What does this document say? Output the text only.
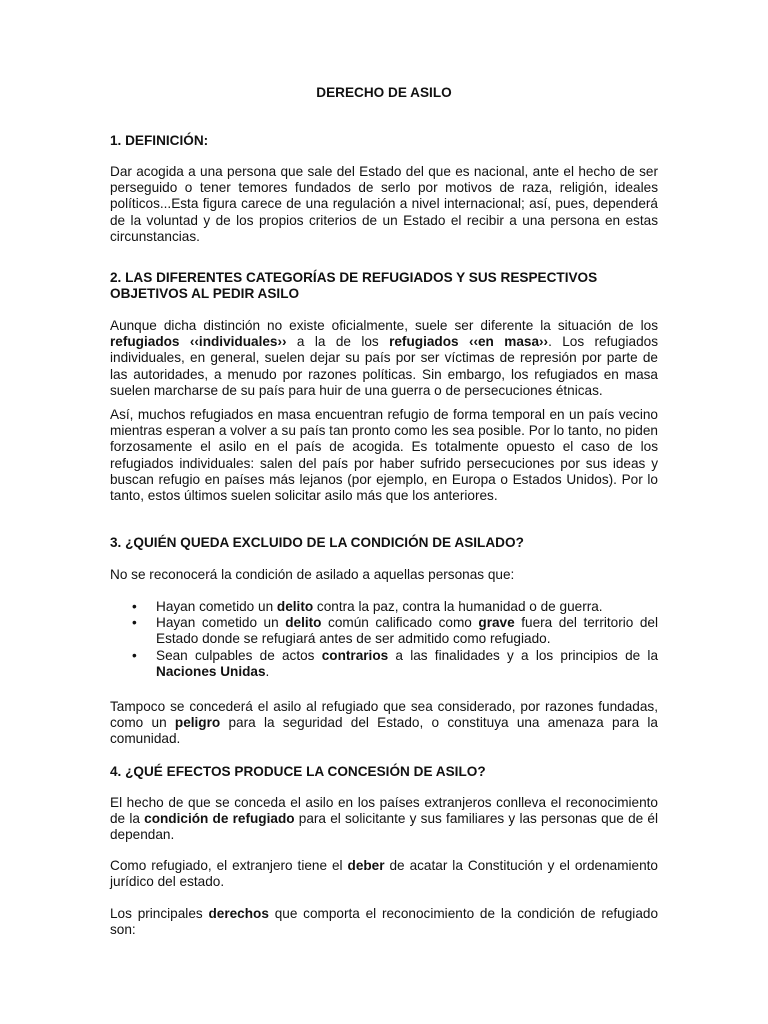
DERECHO DE ASILO
1. DEFINICIÓN:
Dar acogida a una persona que sale del Estado del que es nacional, ante el hecho de ser perseguido o tener temores fundados de serlo por motivos de raza, religión, ideales políticos...Esta figura carece de una regulación a nivel internacional; así, pues, dependerá de la voluntad y de los propios criterios de un Estado el recibir a una persona en estas circunstancias.
2. LAS DIFERENTES CATEGORÍAS DE REFUGIADOS Y SUS RESPECTIVOS OBJETIVOS AL PEDIR ASILO
Aunque dicha distinción no existe oficialmente, suele ser diferente la situación de los refugiados ‹‹individuales›› a la de los refugiados ‹‹en masa››. Los refugiados individuales, en general, suelen dejar su país por ser víctimas de represión por parte de las autoridades, a menudo por razones políticas. Sin embargo, los refugiados en masa suelen marcharse de su país para huir de una guerra o de persecuciones étnicas.
Así, muchos refugiados en masa encuentran refugio de forma temporal en un país vecino mientras esperan a volver a su país tan pronto como les sea posible. Por lo tanto, no piden forzosamente el asilo en el país de acogida. Es totalmente opuesto el caso de los refugiados individuales: salen del país por haber sufrido persecuciones por sus ideas y buscan refugio en países más lejanos (por ejemplo, en Europa o Estados Unidos). Por lo tanto, estos últimos suelen solicitar asilo más que los anteriores.
3. ¿QUIÉN QUEDA EXCLUIDO DE LA CONDICIÓN DE ASILADO?
No se reconocerá la condición de asilado a aquellas personas que:
• Hayan cometido un delito contra la paz, contra la humanidad o de guerra.
• Hayan cometido un delito común calificado como grave fuera del territorio del Estado donde se refugiará antes de ser admitido como refugiado.
• Sean culpables de actos contrarios a las finalidades y a los principios de la Naciones Unidas.
Tampoco se concederá el asilo al refugiado que sea considerado, por razones fundadas, como un peligro para la seguridad del Estado, o constituya una amenaza para la comunidad.
4. ¿QUÉ EFECTOS PRODUCE LA CONCESIÓN DE ASILO?
El hecho de que se conceda el asilo en los países extranjeros conlleva el reconocimiento de la condición de refugiado para el solicitante y sus familiares y las personas que de él dependan.
Como refugiado, el extranjero tiene el deber de acatar la Constitución y el ordenamiento jurídico del estado.
Los principales derechos que comporta el reconocimiento de la condición de refugiado son:
